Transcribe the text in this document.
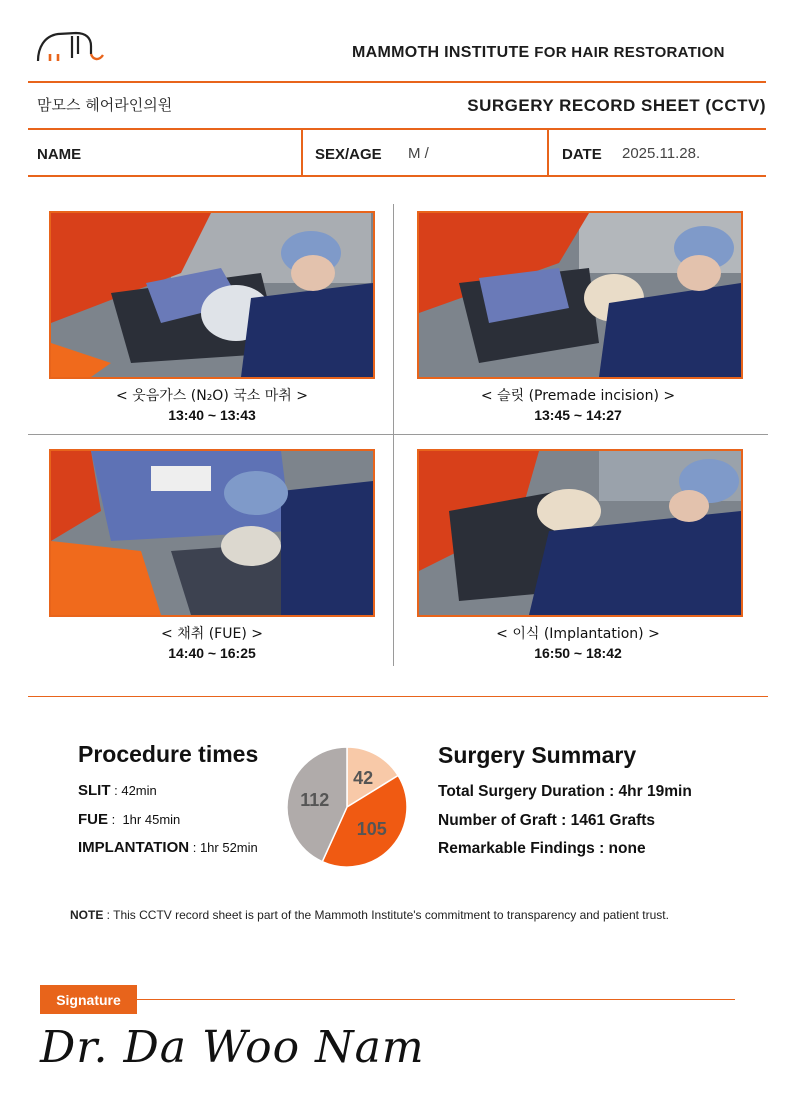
MAMMOTH INSTITUTE FOR HAIR RESTORATION
맘모스 헤어라인의원	SURGERY RECORD SHEET (CCTV)
NAME	SEX/AGE M /	DATE 2025.11.28.
< 웃음가스 (N₂O) 국소 마취 >
13:40 ~ 13:43
< 슬릿 (Premade incision) >
13:45 ~ 14:27
< 채취 (FUE) >
14:40 ~ 16:25
< 이식 (Implantation) >
16:50 ~ 18:42
Procedure times
SLIT : 42min
FUE :  1hr 45min
IMPLANTATION : 1hr 52min
42
105
112
Surgery Summary
Total Surgery Duration : 4hr 19min
Number of Graft : 1461 Grafts
Remarkable Findings : none
NOTE : This CCTV record sheet is part of the Mammoth Institute's commitment to transparency and patient trust.
Signature
Dr. Da Woo Nam
